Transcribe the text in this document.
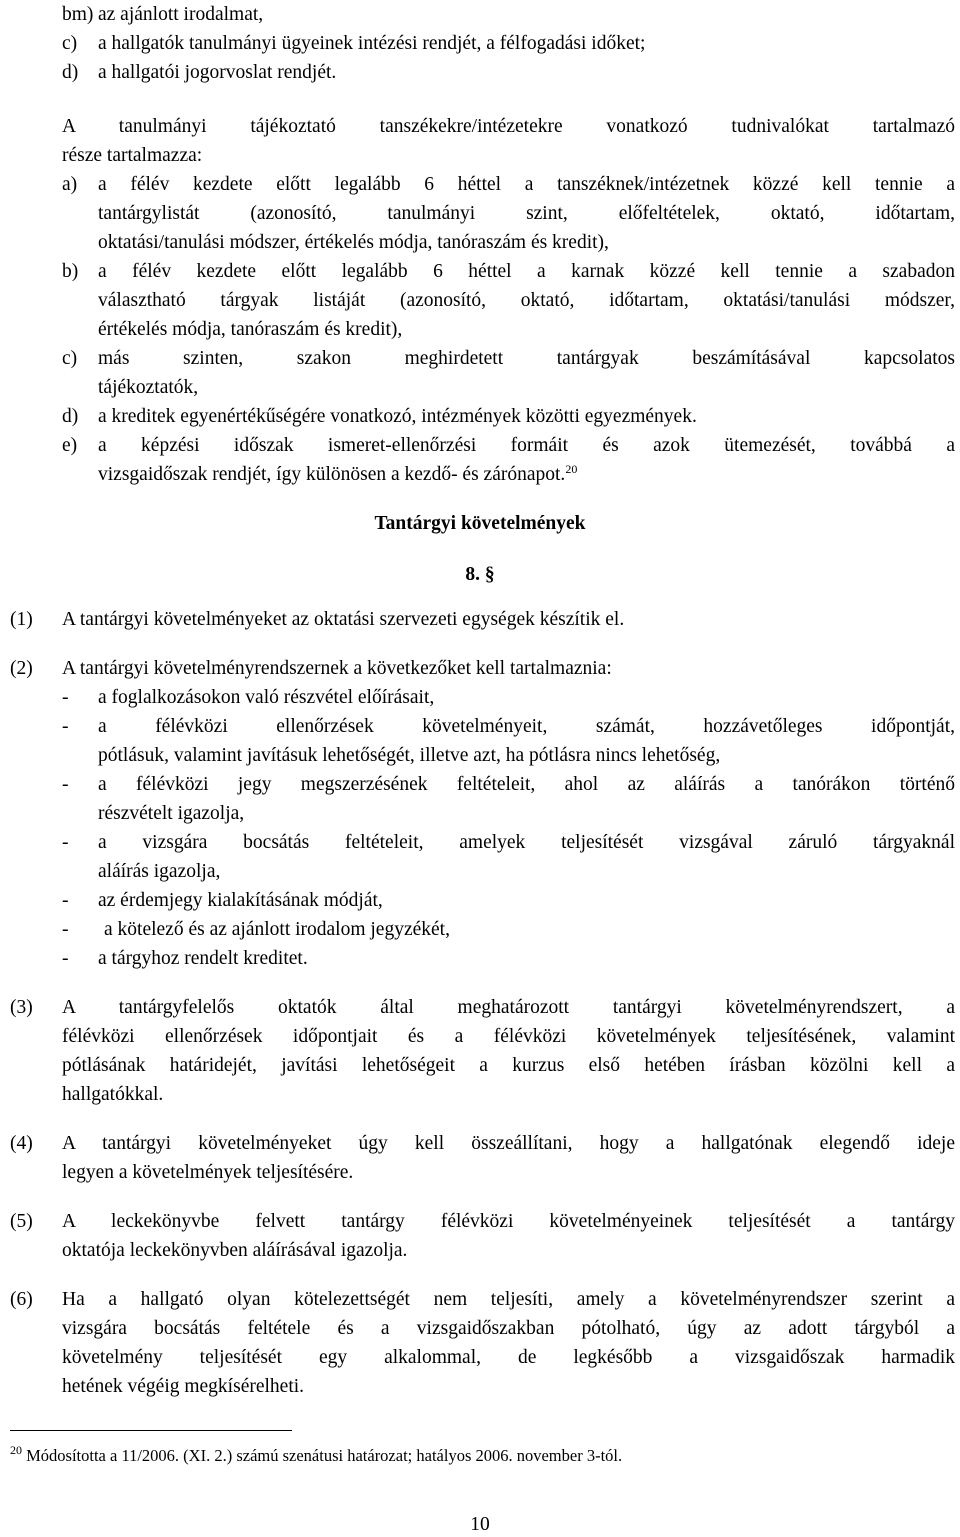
bm) az ajánlott irodalmat,
c) a hallgatók tanulmányi ügyeinek intézési rendjét, a félfogadási időket;
d) a hallgatói jogorvoslat rendjét.
A tanulmányi tájékoztató tanszékekre/intézetekre vonatkozó tudnivalókat tartalmazó
része tartalmazza:
a) a félév kezdete előtt legalább 6 héttel a tanszéknek/intézetnek közzé kell tennie a
tantárgylistát (azonosító, tanulmányi szint, előfeltételek, oktató, időtartam,
oktatási/tanulási módszer, értékelés módja, tanóraszám és kredit),
b) a félév kezdete előtt legalább 6 héttel a karnak közzé kell tennie a szabadon
választható tárgyak listáját (azonosító, oktató, időtartam, oktatási/tanulási módszer,
értékelés módja, tanóraszám és kredit),
c) más szinten, szakon meghirdetett tantárgyak beszámításával kapcsolatos
tájékoztatók,
d) a kreditek egyenértékűségére vonatkozó, intézmények közötti egyezmények.
e) a képzési időszak ismeret-ellenőrzési formáit és azok ütemezését, továbbá a
vizsgaidőszak rendjét, így különösen a kezdő- és zárónapot.$^{20}$
Tantárgyi követelmények
8. §
(1) A tantárgyi követelményeket az oktatási szervezeti egységek készítik el.
(2) A tantárgyi követelményrendszernek a következőket kell tartalmaznia:
- a foglalkozásokon való részvétel előírásait,
- a félévközi ellenőrzések követelményeit, számát, hozzávetőleges időpontját,
pótlásuk, valamint javításuk lehetőségét, illetve azt, ha pótlásra nincs lehetőség,
- a félévközi jegy megszerzésének feltételeit, ahol az aláírás a tanórákon történő
részvételt igazolja,
- a vizsgára bocsátás feltételeit, amelyek teljesítését vizsgával záruló tárgyaknál
aláírás igazolja,
- az érdemjegy kialakításának módját,
- a kötelező és az ajánlott irodalom jegyzékét,
- a tárgyhoz rendelt kreditet.
(3) A tantárgyfelelős oktatók által meghatározott tantárgyi követelményrendszert, a
félévközi ellenőrzések időpontjait és a félévközi követelmények teljesítésének, valamint
pótlásának határidejét, javítási lehetőségeit a kurzus első hetében írásban közölni kell a
hallgatókkal.
(4) A tantárgyi követelményeket úgy kell összeállítani, hogy a hallgatónak elegendő ideje
legyen a követelmények teljesítésére.
(5) A leckekönyvbe felvett tantárgy félévközi követelményeinek teljesítését a tantárgy
oktatója leckekönyvben aláírásával igazolja.
(6) Ha a hallgató olyan kötelezettségét nem teljesíti, amely a követelményrendszer szerint a
vizsgára bocsátás feltétele és a vizsgaidőszakban pótolható, úgy az adott tárgyból a
követelmény teljesítését egy alkalommal, de legkésőbb a vizsgaidőszak harmadik
hetének végéig megkísérelheti.
$^{20}$ Módosította a 11/2006. (XI. 2.) számú szenátusi határozat; hatályos 2006. november 3-tól.
10
